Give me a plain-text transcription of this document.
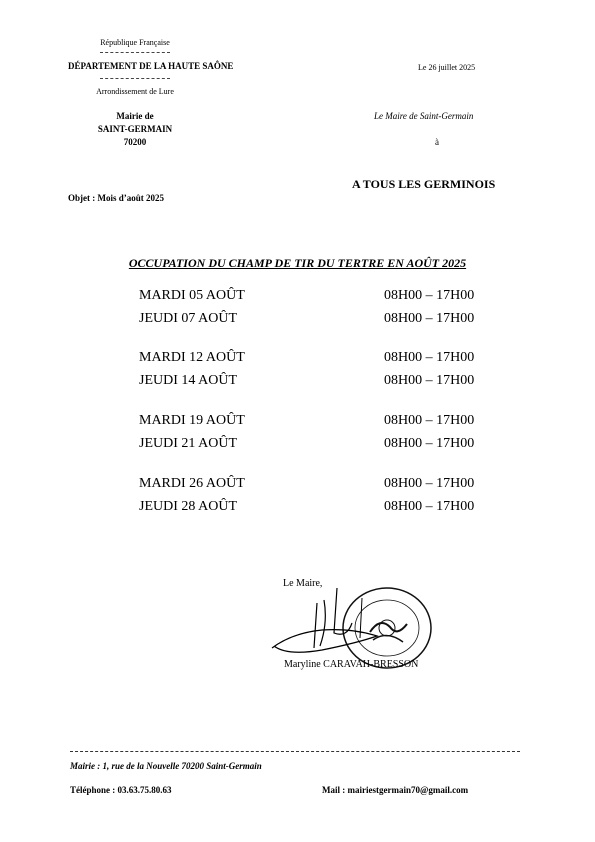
République Française
DÉPARTEMENT DE LA HAUTE SAÔNE
Arrondissement de Lure
Mairie de
SAINT-GERMAIN
70200
Le 26 juillet 2025
Le Maire de Saint-Germain
à
A TOUS LES GERMINOIS
Objet : Mois d’août 2025
OCCUPATION DU CHAMP DE TIR DU TERTRE EN AOÛT 2025
MARDI 05 AOÛT	08H00 – 17H00
JEUDI 07 AOÛT	08H00 – 17H00
MARDI 12 AOÛT	08H00 – 17H00
JEUDI 14 AOÛT	08H00 – 17H00
MARDI 19 AOÛT	08H00 – 17H00
JEUDI 21 AOÛT	08H00 – 17H00
MARDI 26 AOÛT	08H00 – 17H00
JEUDI 28 AOÛT	08H00 – 17H00
Le Maire,
Maryline CARAVAH-BRESSON
Mairie : 1, rue de la Nouvelle 70200 Saint-Germain
Téléphone : 03.63.75.80.63	Mail : mairiestgermain70@gmail.com
